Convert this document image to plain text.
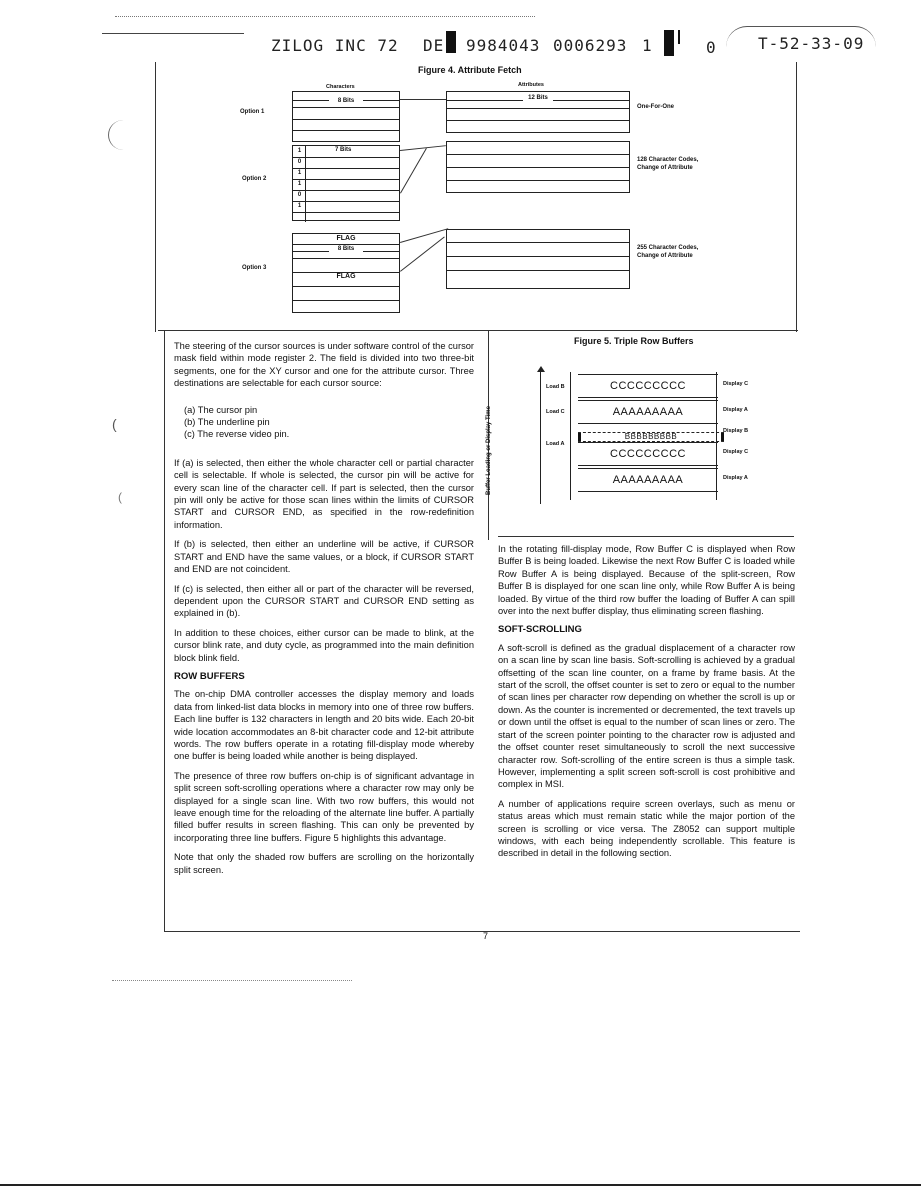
ZILOG INC 72 DE 9984043 0006293 1	0	T-52-33-09
(
(
Figure 4. Attribute Fetch
Characters	Attributes
Option 1
8 Bits	12 Bits
One-For-One
Option 2
7 Bits
1
0
1
1
0
1
128 Character Codes,
Change of Attribute
Option 3
FLAG
8 Bits
FLAG
255 Character Codes,
Change of Attribute

The steering of the cursor sources is under software control of the cursor mask field within mode register 2. The field is divided into two three-bit segments, one for the XY cursor and one for the attribute cursor. Three destinations are selectable for each cursor source:

(a) The cursor pin
(b) The underline pin
(c) The reverse video pin.

If (a) is selected, then either the whole character cell or partial character cell is selectable. If whole is selected, the cursor pin will be active for every scan line of the character cell. If part is selected, then the cursor pin will only be active for those scan lines within the limits of CURSOR START and CURSOR END, as specified in the row-redefinition information.

If (b) is selected, then either an underline will be active, if CURSOR START and END have the same values, or a block, if CURSOR START and END are not coincident.

If (c) is selected, then either all or part of the character will be reversed, dependent upon the CURSOR START and CURSOR END setting as explained in (b).

In addition to these choices, either cursor can be made to blink, at the cursor blink rate, and duty cycle, as programmed into the main definition block blink field.

ROW BUFFERS

The on-chip DMA controller accesses the display memory and loads data from linked-list data blocks in memory into one of three row buffers. Each line buffer is 132 characters in length and 20 bits wide. Each 20-bit wide location accommodates an 8-bit character code and 12-bit attribute words. The row buffers operate in a rotating fill-display mode whereby one buffer is being loaded while another is being displayed.

The presence of three row buffers on-chip is of significant advantage in split screen soft-scrolling operations where a character row may only be displayed for a single scan line. With two row buffers, this would not leave enough time for the reloading of the alternate line buffer. A partially filled buffer results in screen flashing. This can only be prevented by incorporating three line buffers. Figure 5 highlights this advantage.

Note that only the shaded row buffers are scrolling on the horizontally split screen.

Figure 5. Triple Row Buffers
Buffer Loading or Display Time
CCCCCCCCC
AAAAAAAAA
BBBBBBBBB
CCCCCCCCC
AAAAAAAAA
Load B
Load C
Load A
Display C
Display A
Display B
Display C
Display A

In the rotating fill-display mode, Row Buffer C is displayed when Row Buffer B is being loaded. Likewise the next Row Buffer C is loaded while Row Buffer A is being displayed. Because of the split-screen, Row Buffer B is displayed for one scan line only, while Row Buffer A is being loaded. By virtue of the third row buffer the loading of Buffer A can spill over into the next buffer display, thus eliminating screen flashing.

SOFT-SCROLLING

A soft-scroll is defined as the gradual displacement of a character row on a scan line by scan line basis. Soft-scrolling is achieved by a gradual offsetting of the scan line counter, on a frame by frame basis. At the start of the scroll, the offset counter is set to zero or equal to the number of scan lines per character row depending on whether the scroll is up or down. As the counter is incremented or decremented, the text travels up or down until the offset is equal to the number of scan lines or zero. The start of the screen pointer pointing to the character row is adjusted and the offset counter reset simultaneously to scroll the next successive character row. Soft-scrolling of the entire screen is thus a simple task. However, implementing a split screen soft-scroll is cost prohibitive and complex in MSI.

A number of applications require screen overlays, such as menu or status areas which must remain static while the major portion of the screen is scrolling or vice versa. The Z8052 can support multiple windows, with each being independently scrollable. This feature is described in detail in the following section.

7
